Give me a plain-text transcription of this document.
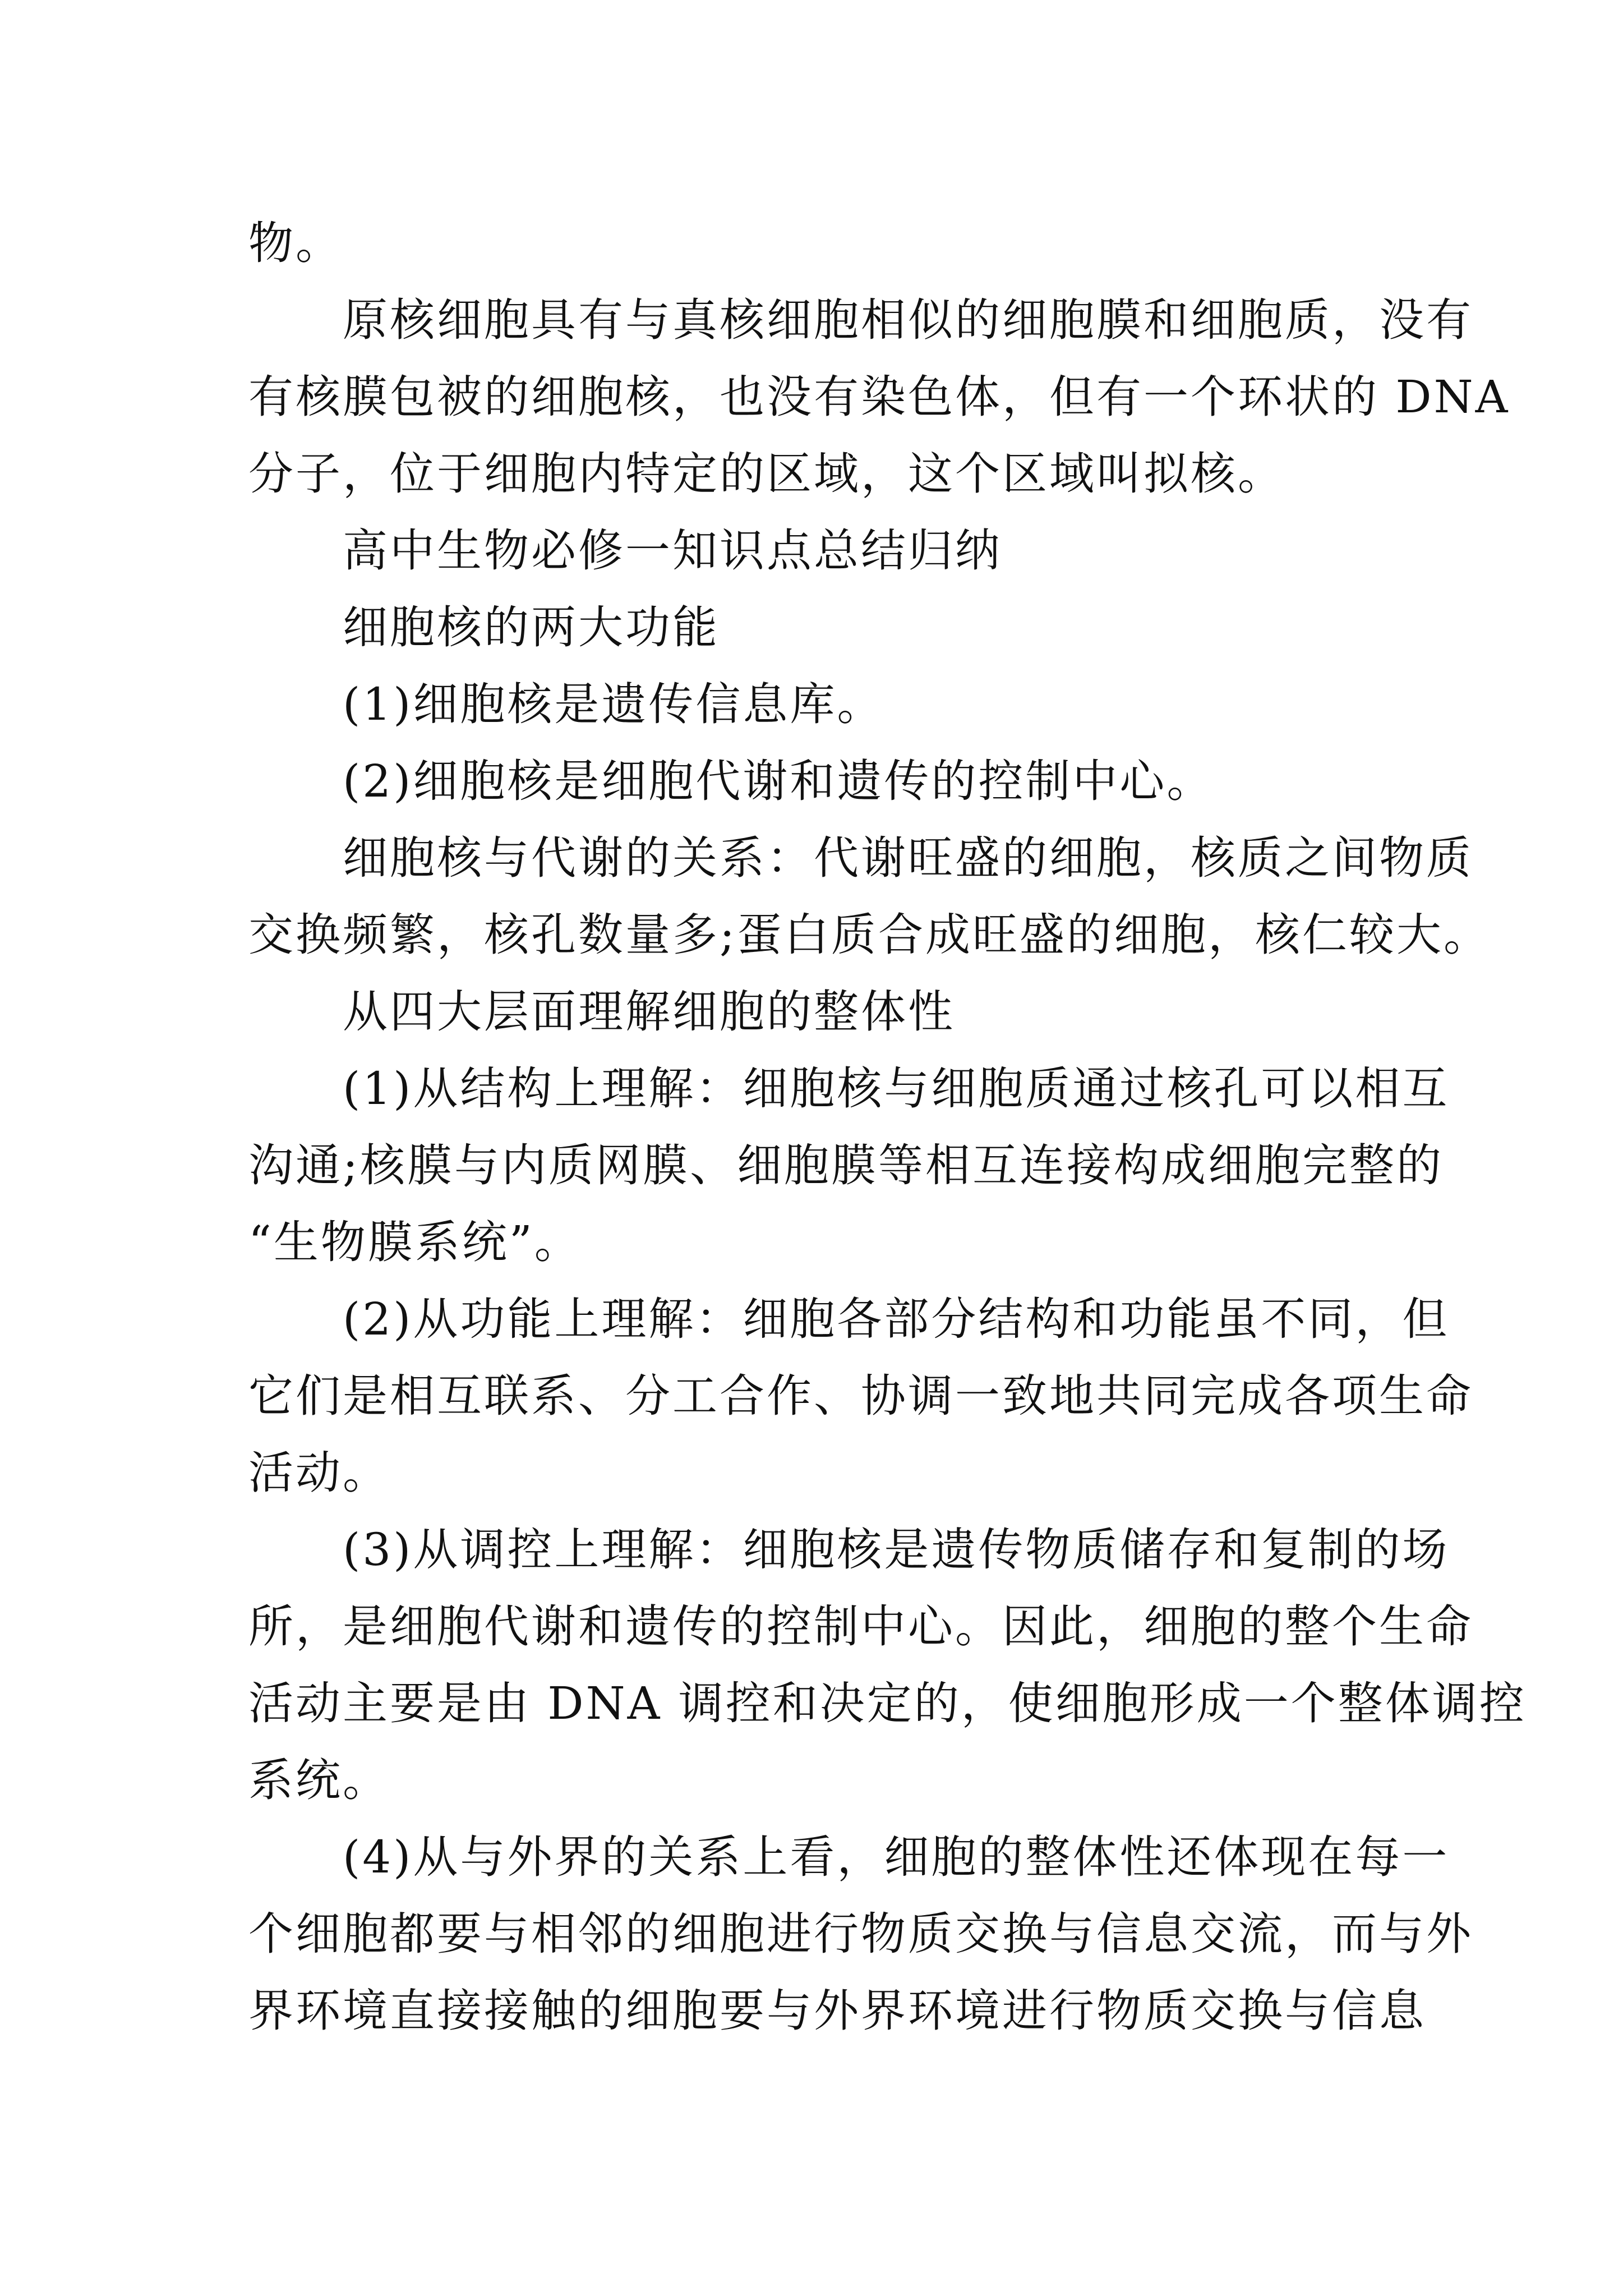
物。

原核细胞具有与真核细胞相似的细胞膜和细胞质，没有

有核膜包被的细胞核，也没有染色体，但有一个环状的 DNA

分子，位于细胞内特定的区域，这个区域叫拟核。

高中生物必修一知识点总结归纳

细胞核的两大功能

(1)细胞核是遗传信息库。

(2)细胞核是细胞代谢和遗传的控制中心。

细胞核与代谢的关系：代谢旺盛的细胞，核质之间物质

交换频繁，核孔数量多;蛋白质合成旺盛的细胞，核仁较大。

从四大层面理解细胞的整体性

(1)从结构上理解：细胞核与细胞质通过核孔可以相互

沟通;核膜与内质网膜、细胞膜等相互连接构成细胞完整的

“生物膜系统”。

(2)从功能上理解：细胞各部分结构和功能虽不同，但

它们是相互联系、分工合作、协调一致地共同完成各项生命

活动。

(3)从调控上理解：细胞核是遗传物质储存和复制的场

所，是细胞代谢和遗传的控制中心。因此，细胞的整个生命

活动主要是由 DNA 调控和决定的，使细胞形成一个整体调控

系统。

(4)从与外界的关系上看，细胞的整体性还体现在每一

个细胞都要与相邻的细胞进行物质交换与信息交流，而与外

界环境直接接触的细胞要与外界环境进行物质交换与信息
